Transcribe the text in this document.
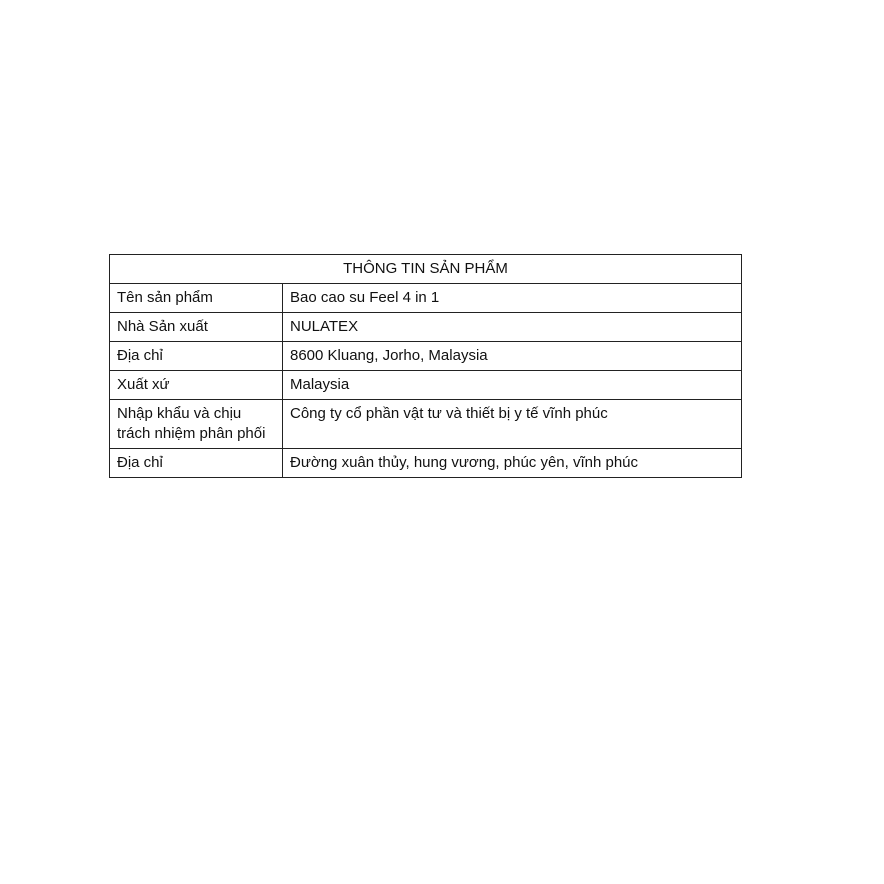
THÔNG TIN SẢN PHẨM	
Tên sản phẩm	Bao cao su Feel 4 in 1
Nhà Sản xuất	NULATEX
Địa chỉ	8600 Kluang, Jorho, Malaysia
Xuất xứ	Malaysia
Nhập khẩu và chịu trách nhiệm phân phối	Công ty cổ phần vật tư và thiết bị y tế vĩnh phúc
Địa chỉ	Đường xuân thủy, hung vương, phúc yên, vĩnh phúc
